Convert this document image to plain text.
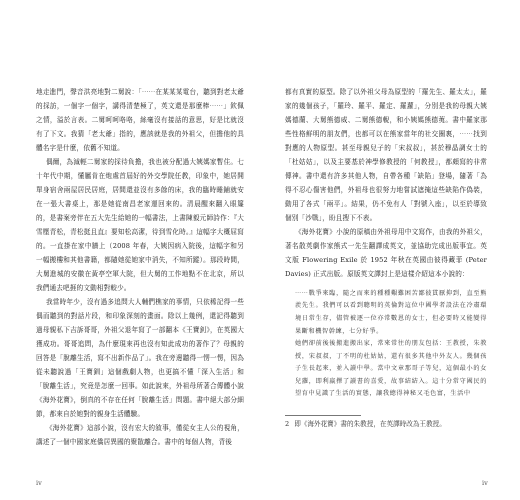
地走進門，聲音洪亮地對二舅說：「⋯⋯在某某某電台，聽到對老太爺的採訪，一個字一個字，講得清楚極了，英文還是那麼棒⋯⋯」欽佩之情，溢於言表。二舅呵呵咯咯，絲毫沒有接話的意思，好是比就沒有了下文。我猜「老太爺」指的，應該就是我的外祖父，但擔他的具體名字是什麼，依舊不知道。

偶爾，為減輕二舅家的採待負擔，我也被分配過大姨媽家暫住。七十年代中期，懂屬肯在炮處首屆好的外交學院任教，印象中，她居開單身宿舍兩屋居民居庭，居間還並沒有多餘的床，我的臨時睡鋪就安在一張大書桌上，那是她從南昌老家運回來的。清晨醒來翻入眼簾的，是書案旁伴在五大先生給她的一幅書法，上書陳毅元師詩作：『大雪壓青松，青松挺且直』要知松高潔，待到雪化時。』這幅字大概屈寫的。一直掛在家中牆上（2008 年春，大姨因病入院後，這幅字和另一幅搬樓和其他書籍，都隨她從她家中消失，不知所蹤）。那段時間，大舅進城的安徽在黃亭空軍大院，但大舅的工作地點不在北京，所以我們通去吧捱的文動相對較少。

我當時年少，沒有過多追問大人輔們樵家的事情，只依稀記得一些偶而聽到的對話片段，和印象深刻的畫面。除以上幾例，還記得聽到過母親私下吉訴哥哥，外祖父退年寫了一部翻本《王寶釗》，在英國大獲成功。哥哥追問，為什麼現來再也沒有知此成功的著作了？母親的回答是「脫離生活，寫不出新作品了」。我在旁邊聽得一愣一愣，因為從未聽說過「王寶釧」這個戲劇人物，也更搞不懂「深入生活」和「脫離生活」，究竟是怎麼一回事。如此說來，外祖母所著合傳體小說《海外花寶》，倒真的不存在任何「脫離生活」問題。書中絕大部分細節，都來自於她對的親身生活體驗。

《海外花寶》這部小說，沒有宏大的敘事，僅從女主人公的視角，講述了一個中國家庭僑居異國的聚散離合。書中的每個人物，背後

都有真實的原型。除了以外祖父母為原型的「羅先生、羅太太」，羅家的幾個孩子，「羅玲、羅平、羅定、羅蘿」，分別是我的母親大姨媽德蘭、大舅熊德威、二舅熊德輗，和小姨媽熊德荑。書中羅家那些性格鮮明的朋友們，也都可以在熊家當年的社交圈裏，⋯⋯找到對應的人物原型。甚至母親兒子的「宋叔叔」，甚於穆晶調女士的「杜姑姑」，以及主要基於神學修教授的「何教授」，都頗寫的非常傳神。書中還有許多其他人物，自帶各種「缺陷」登場，隨著「為得不忍心傷害他們，外祖母也很努力地嘗試遮掩這些缺陷作偽裝，動用了各式「兩平」。結果，仍不免有人「對號入座」，以至於導致個別「沙戰」，盼且搜下不表。

《海外花寶》小說的原稿由外祖母用中文寫作，由我的外祖父，著名散英劇作家熊式一先生翻譯成英文，並協助完成出版事宜。英文版 Flowering Exile 於 1952 年秋在英國由彼得藏菲 (Peter Davies) 正式出版。原版英文譯封上是這樣介紹這本小說的：

⋯⋯戰爭來臨，隨之而來的種種艱難困苦鄙彼貫厭抑到，直至熊羨先生。我們可以看到聰明的英倫對這位中國學者設法在冷肅環境日常生存，儘管被逐一位亦常數恩的女士，但必要時又能變得果斷和機智幹練，七分好爭。
她們卻前後後搬進搬出家，常來常往的朋友包括：王教授，朱教授，宋叔叔，丁不明的杜姑姑，還有很多其他中外友人。幾個孩子生長起來，並入讀中學。當中文章那哥子等兒，這個最小的女兒蘿，即利羸擇了讀書的喜愛，故事結結入。這十分常守國民的望育中見識了生活的實態，讓我總得神秘又毛色富，生活中

2 即《海外花寶》書的朱教授，在英譯時改為王教授。
iv	iv
